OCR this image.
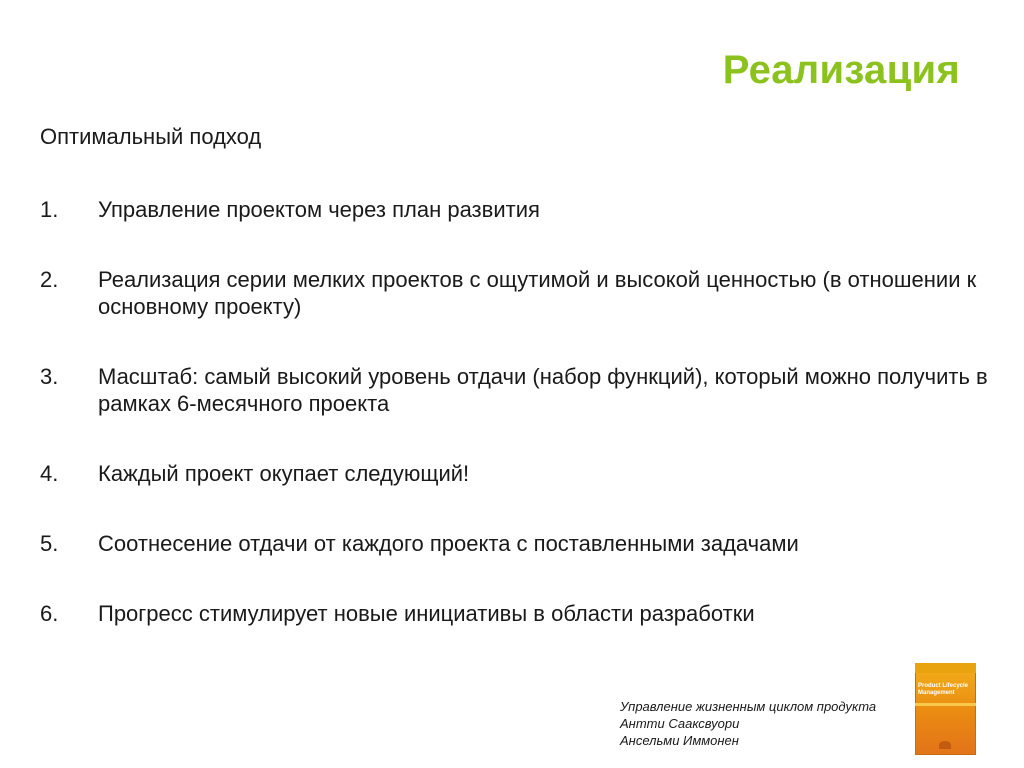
Реализация
Оптимальный подход
1.	Управление проектом через план развития
2.	Реализация серии мелких проектов с ощутимой и высокой ценностью (в отношении к основному проекту)
3.	Масштаб: самый высокий уровень отдачи (набор функций), который можно получить в рамках 6-месячного проекта
4.	Каждый проект окупает следующий!
5.	Соотнесение отдачи от каждого проекта с поставленными задачами
6.	Прогресс стимулирует новые инициативы в области разработки
Управление жизненным циклом продукта
Антти Сааксвуори
Ансельми Иммонен
Product Lifecycle Management
